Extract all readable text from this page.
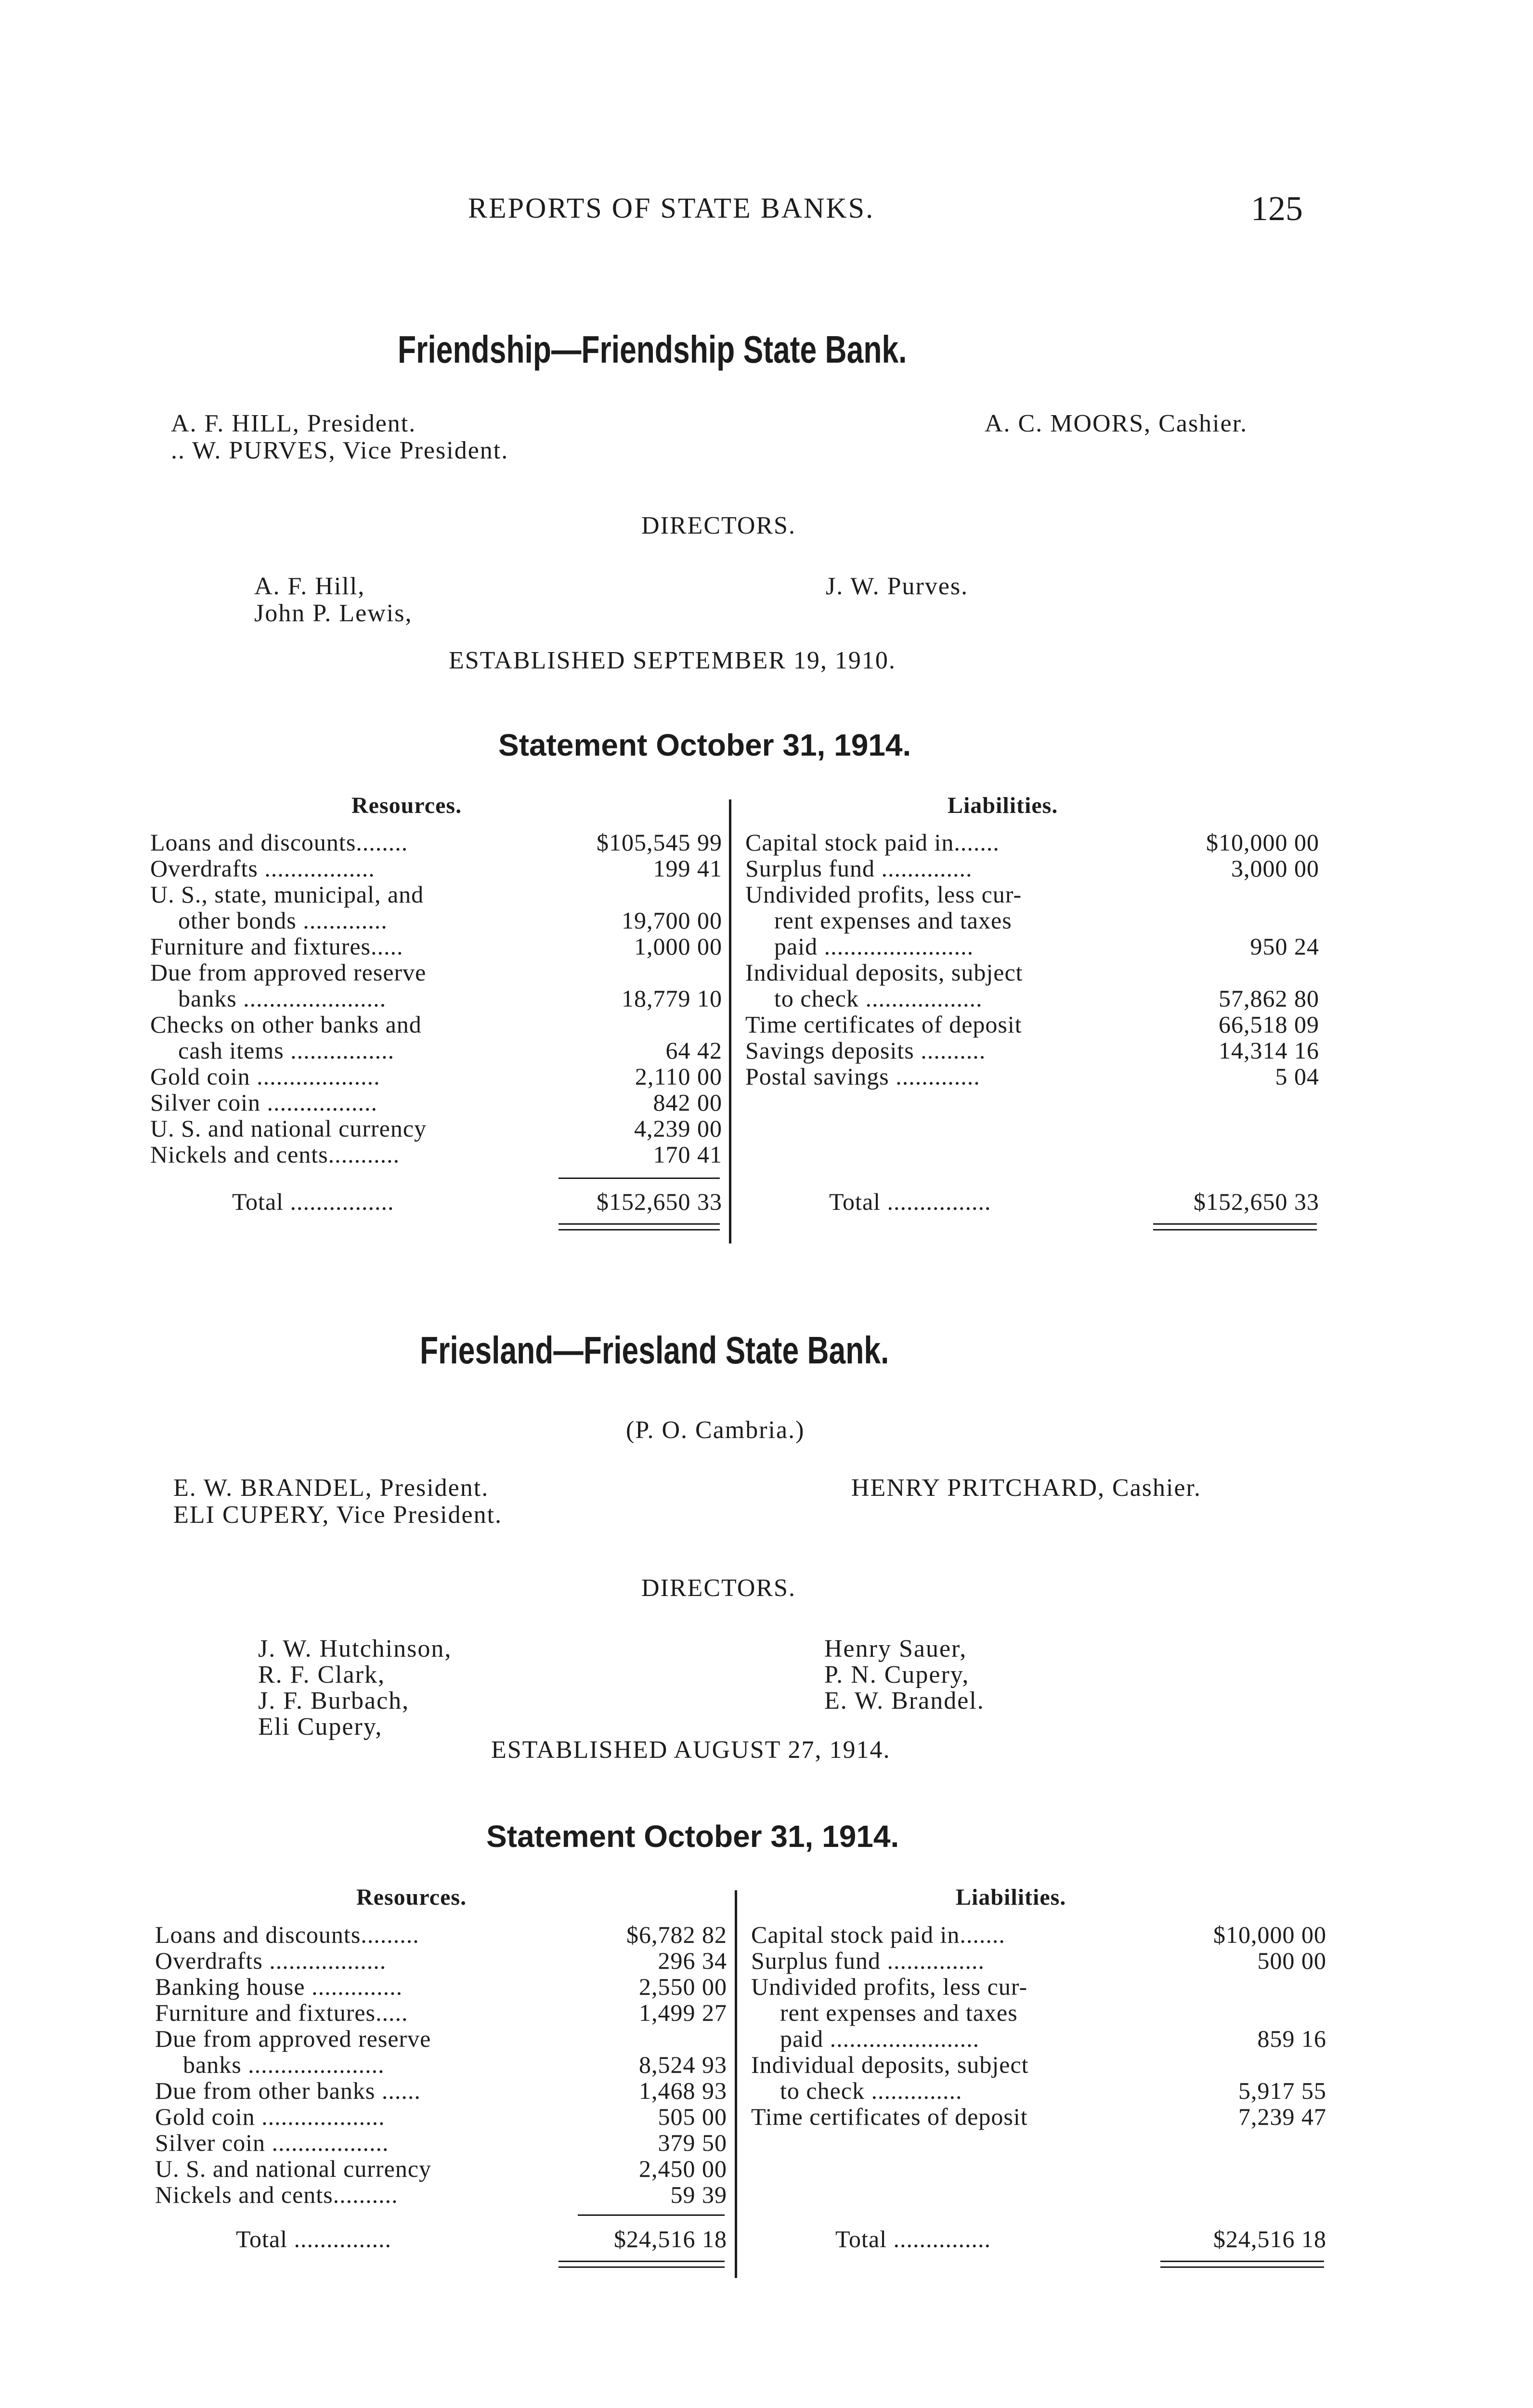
REPORTS OF STATE BANKS.	125
Friendship—Friendship State Bank.
A. F. HILL, President.
.. W. PURVES, Vice President.
A. C. MOORS, Cashier.
DIRECTORS.
A. F. Hill,
John P. Lewis,
J. W. Purves.
ESTABLISHED SEPTEMBER 19, 1910.
Statement October 31, 1914.
Resources.	Liabilities.
Loans and discounts........	$105,545 99
Overdrafts .................	199 41
U. S., state, municipal, and
other bonds .............	19,700 00
Furniture and fixtures.....	1,000 00
Due from approved reserve
banks ......................	18,779 10
Checks on other banks and
cash items ................	64 42
Gold coin ...................	2,110 00
Silver coin .................	842 00
U. S. and national currency	4,239 00
Nickels and cents...........	170 41
Capital stock paid in.......	$10,000 00
Surplus fund ..............	3,000 00
Undivided profits, less cur-
rent expenses and taxes
paid .......................	950 24
Individual deposits, subject
to check ..................	57,862 80
Time certificates of deposit	66,518 09
Savings deposits ..........	14,314 16
Postal savings .............	5 04
Total ................	$152,650 33	Total ................	$152,650 33
Friesland—Friesland State Bank.
(P. O. Cambria.)
E. W. BRANDEL, President.
ELI CUPERY, Vice President.
HENRY PRITCHARD, Cashier.
DIRECTORS.
J. W. Hutchinson,
R. F. Clark,
J. F. Burbach,
Eli Cupery,
Henry Sauer,
P. N. Cupery,
E. W. Brandel.
ESTABLISHED AUGUST 27, 1914.
Statement October 31, 1914.
Resources.	Liabilities.
Loans and discounts.........	$6,782 82
Overdrafts ..................	296 34
Banking house ..............	2,550 00
Furniture and fixtures.....	1,499 27
Due from approved reserve
banks .....................	8,524 93
Due from other banks ......	1,468 93
Gold coin ...................	505 00
Silver coin ..................	379 50
U. S. and national currency	2,450 00
Nickels and cents..........	59 39
Capital stock paid in.......	$10,000 00
Surplus fund ...............	500 00
Undivided profits, less cur-
rent expenses and taxes
paid .......................	859 16
Individual deposits, subject
to check ..............	5,917 55
Time certificates of deposit	7,239 47
Total ...............	$24,516 18	Total ...............	$24,516 18
